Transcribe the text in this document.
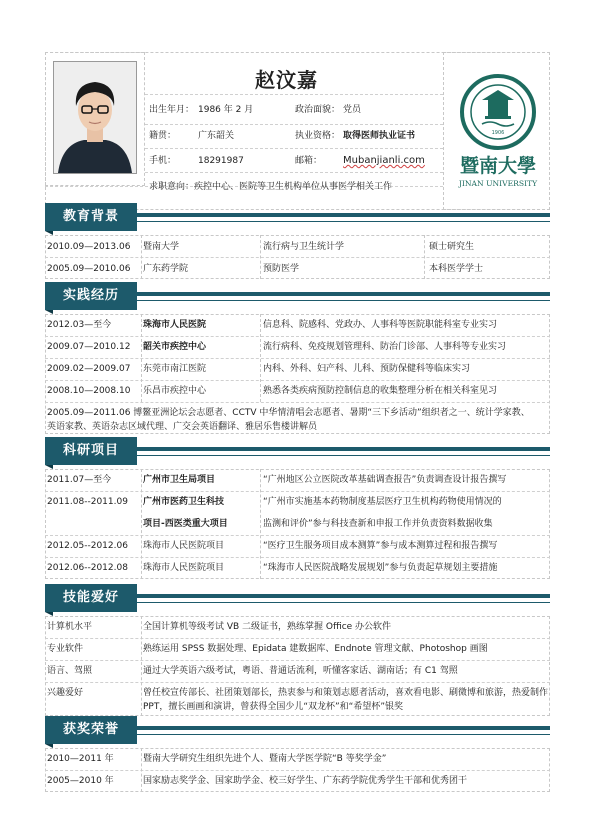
赵汶嘉
出生年月： 1986 年 2 月	政治面貌： 党员
籍贯： 广东韶关	执业资格： 取得医师执业证书
手机： 18291987	邮箱： Mubanjianli.com
求职意向：疾控中心、医院等卫生机构单位从事医学相关工作
1906
暨南大學
JINAN UNIVERSITY
教育背景
2010.09—2013.06 暨南大学	流行病与卫生统计学	硕士研究生
2005.09—2010.06 广东药学院	预防医学	本科医学学士
实践经历
2012.03—至今	珠海市人民医院	信息科、院感科、党政办、人事科等医院职能科室专业实习
2009.07—2010.12 韶关市疾控中心	流行病科、免疫规划管理科、防治门诊部、人事科等专业实习
2009.02—2009.07 东莞市南江医院	内科、外科、妇产科、儿科、预防保健科等临床实习
2008.10—2008.10 乐昌市疾控中心	熟悉各类疾病预防控制信息的收集整理分析在相关科室见习
2005.09—2011.06 博鳌亚洲论坛会志愿者、CCTV 中华情清唱会志愿者、暑期“三下乡活动”组织者之一、统计学家教、
英语家教、英语杂志区域代理、广交会英语翻译、雅居乐售楼讲解员
科研项目
2011.07—至今	广州市卫生局项目	“广州地区公立医院改革基础调查报告”负责调查设计报告撰写
2011.08--2011.09 广州市医药卫生科技	“广州市实施基本药物制度基层医疗卫生机构药物使用情况的
项目-西医类重大项目	监测和评价”参与科技查新和申报工作并负责资料数据收集
2012.05--2012.06 珠海市人民医院项目	“医疗卫生服务项目成本测算”参与成本测算过程和报告撰写
2012.06--2012.08 珠海市人民医院项目	“珠海市人民医院战略发展规划”参与负责起草规划主要措施
技能爱好
计算机水平	全国计算机等级考试 VB 二级证书，熟练掌握 Office 办公软件
专业软件	熟练运用 SPSS 数据处理、Epidata 建数据库、Endnote 管理文献、Photoshop 画图
语言、驾照	通过大学英语六级考试，粤语、普通话流利，听懂客家话、湖南话；有 C1 驾照
兴趣爱好	曾任校宣传部长、社团策划部长，热衷参与和策划志愿者活动，喜欢看电影、刷微博和旅游，热爱制作
PPT，擅长画画和演讲，曾获得全国少儿“双龙杯”和“希望杯”银奖
获奖荣誉
2010—2011 年	暨南大学研究生组织先进个人、暨南大学医学院“B 等奖学金”
2005—2010 年	国家励志奖学金、国家助学金、校三好学生、广东药学院优秀学生干部和优秀团干
